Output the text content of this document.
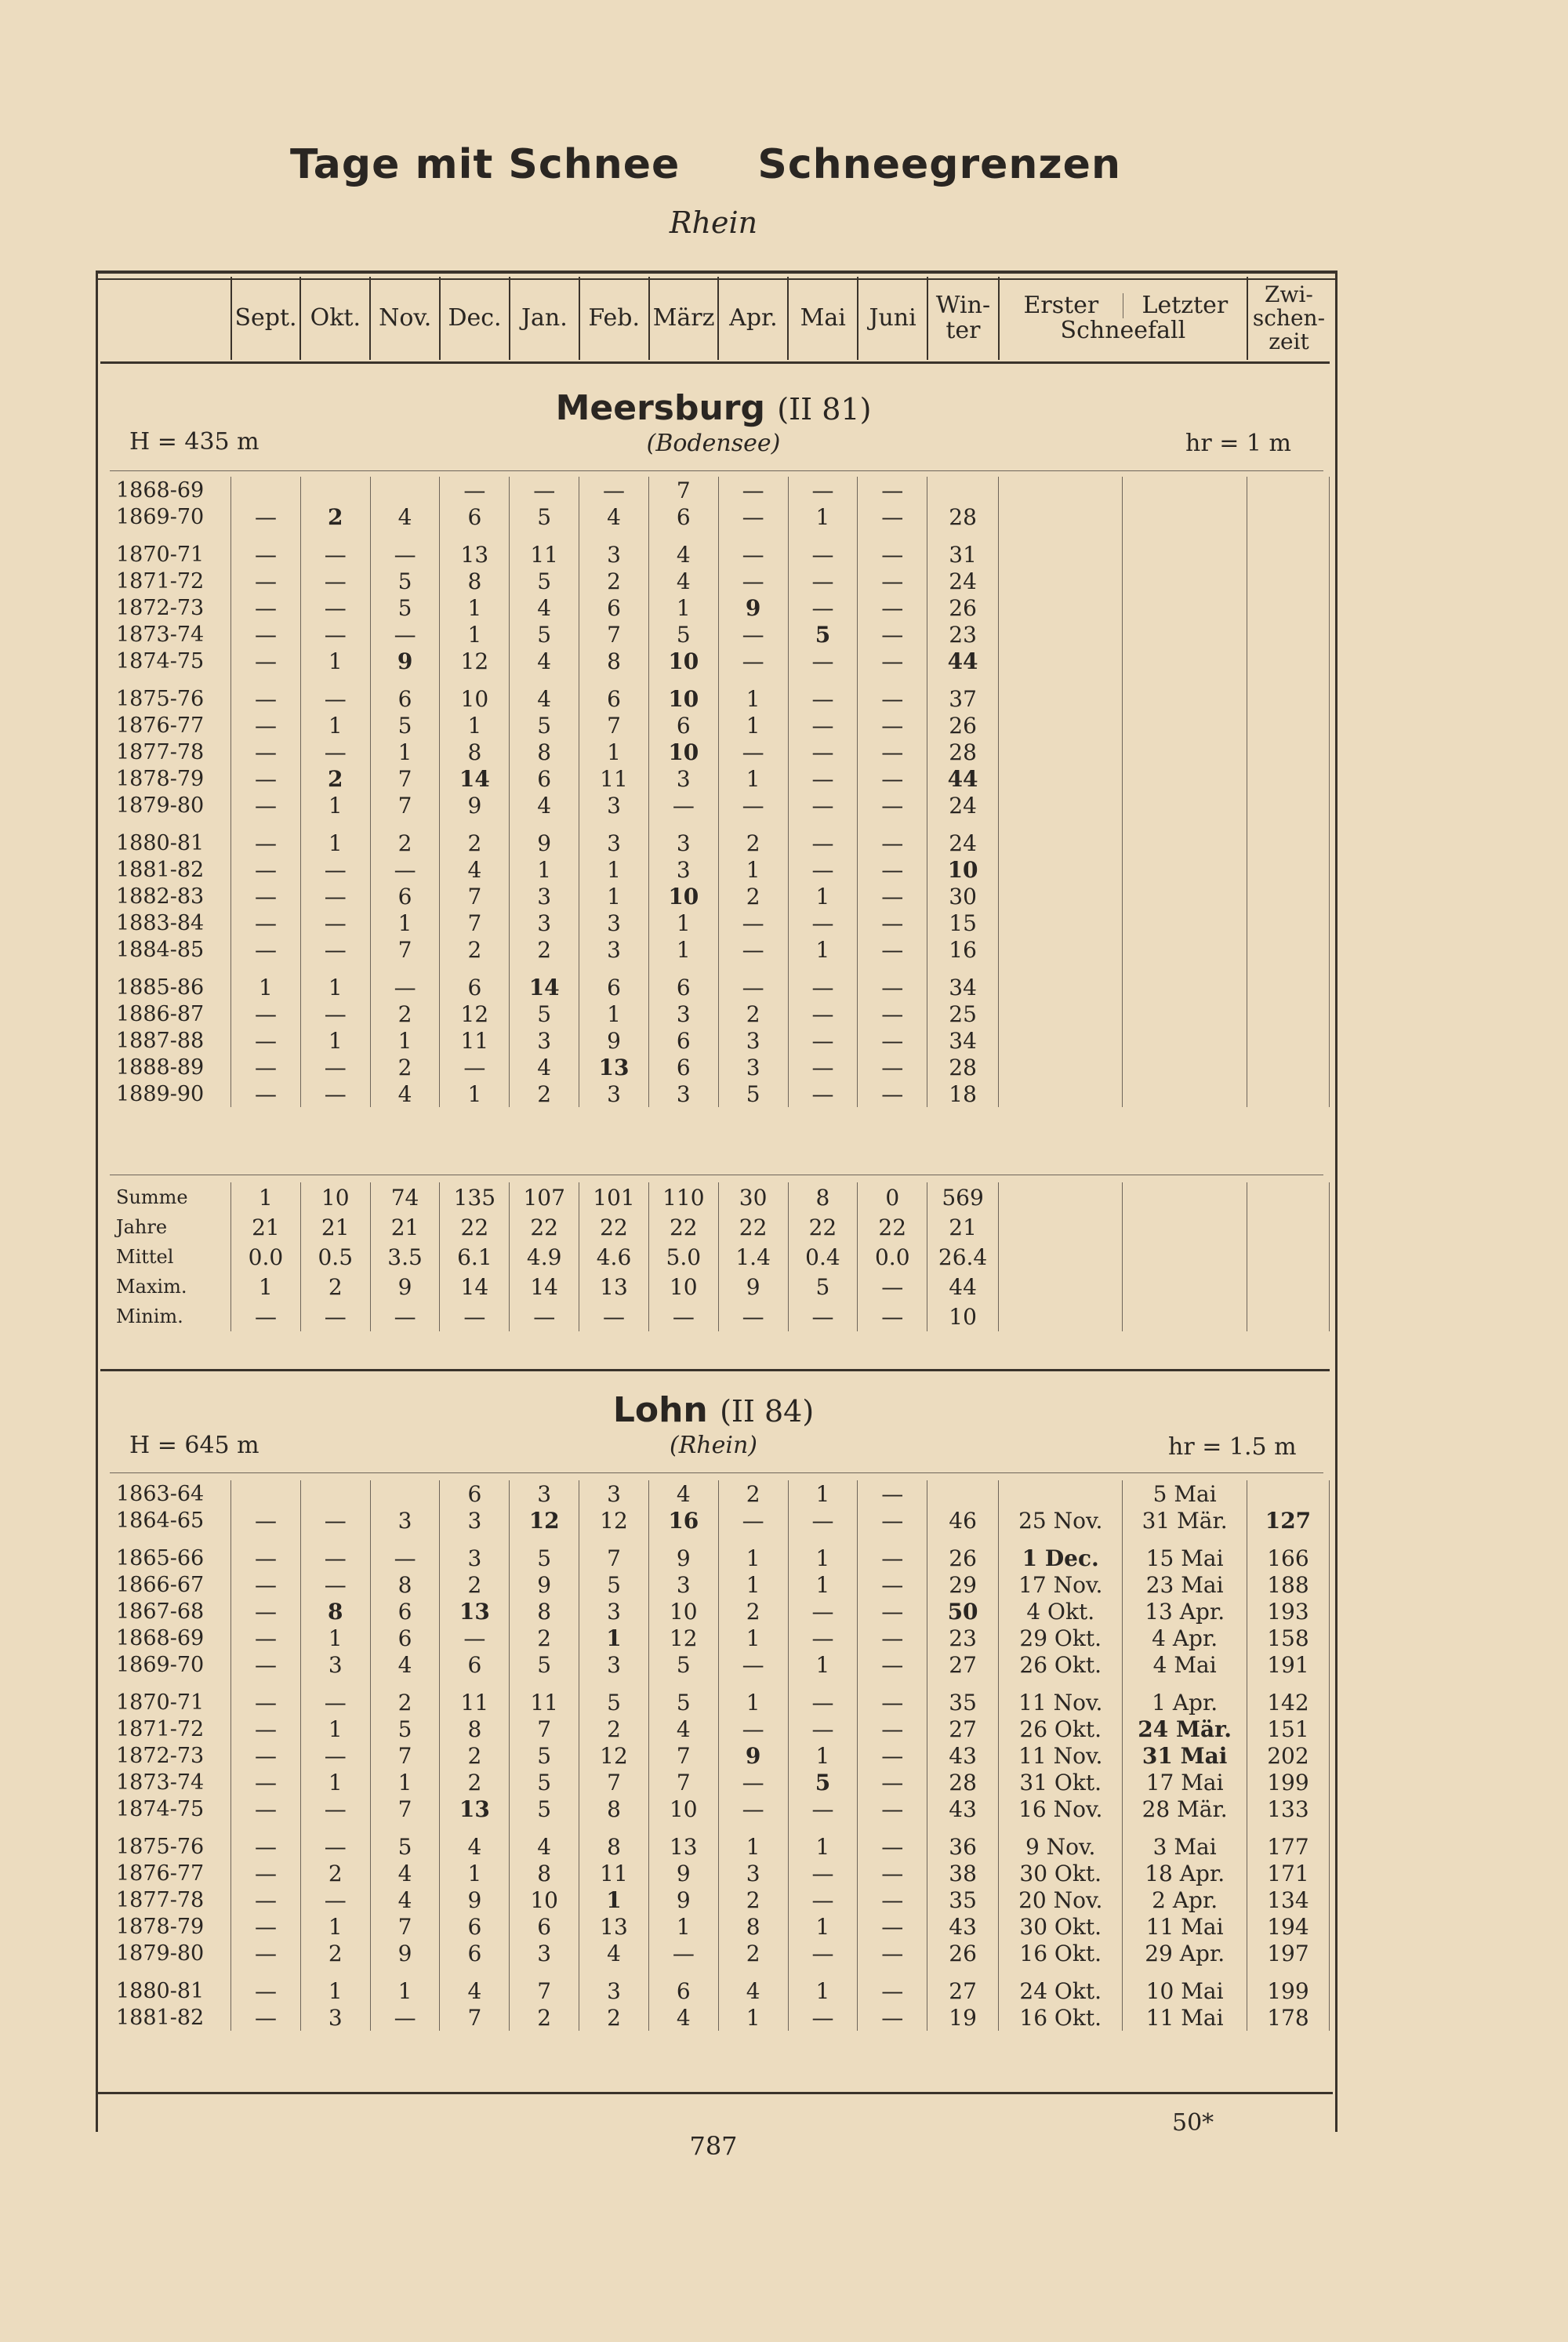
Tage mit Schnee Schneegrenzen
Rhein
	Sept.	Okt.	Nov.	Dec.	Jan.	Feb.	März	Apr.	Mai	Juni	Win- ter	
Erster	Letzter
Schneefall
	Zwi- schen- zeit
Meersburg (II 81)
(Bodensee)
H = 435 m	hr = 1 m
1868-69				—	—	—	7	—	—	—				
1869-70	—	2	4	6	5	4	6	—	1	—	28			

1870-71	—	—	—	13	11	3	4	—	—	—	31			
1871-72	—	—	5	8	5	2	4	—	—	—	24			
1872-73	—	—	5	1	4	6	1	9	—	—	26			
1873-74	—	—	—	1	5	7	5	—	5	—	23			
1874-75	—	1	9	12	4	8	10	—	—	—	44			

1875-76	—	—	6	10	4	6	10	1	—	—	37			
1876-77	—	1	5	1	5	7	6	1	—	—	26			
1877-78	—	—	1	8	8	1	10	—	—	—	28			
1878-79	—	2	7	14	6	11	3	1	—	—	44			
1879-80	—	1	7	9	4	3	—	—	—	—	24			

1880-81	—	1	2	2	9	3	3	2	—	—	24			
1881-82	—	—	—	4	1	1	3	1	—	—	10			
1882-83	—	—	6	7	3	1	10	2	1	—	30			
1883-84	—	—	1	7	3	3	1	—	—	—	15			
1884-85	—	—	7	2	2	3	1	—	1	—	16			

1885-86	1	1	—	6	14	6	6	—	—	—	34			
1886-87	—	—	2	12	5	1	3	2	—	—	25			
1887-88	—	1	1	11	3	9	6	3	—	—	34			
1888-89	—	—	2	—	4	13	6	3	—	—	28			
1889-90	—	—	4	1	2	3	3	5	—	—	18			
Summe	1	10	74	135	107	101	110	30	8	0	569			
Jahre	21	21	21	22	22	22	22	22	22	22	21			
Mittel	0.0	0.5	3.5	6.1	4.9	4.6	5.0	1.4	0.4	0.0	26.4			
Maxim.	1	2	9	14	14	13	10	9	5	—	44			
Minim.	—	—	—	—	—	—	—	—	—	—	10			
Lohn (II 84)
(Rhein)
H = 645 m	hr = 1.5 m
1863-64				6	3	3	4	2	1	—			5 Mai	
1864-65	—	—	3	3	12	12	16	—	—	—	46	25 Nov.	31 Mär.	127

1865-66	—	—	—	3	5	7	9	1	1	—	26	1 Dec.	15 Mai	166
1866-67	—	—	8	2	9	5	3	1	1	—	29	17 Nov.	23 Mai	188
1867-68	—	8	6	13	8	3	10	2	—	—	50	4 Okt.	13 Apr.	193
1868-69	—	1	6	—	2	1	12	1	—	—	23	29 Okt.	4 Apr.	158
1869-70	—	3	4	6	5	3	5	—	1	—	27	26 Okt.	4 Mai	191

1870-71	—	—	2	11	11	5	5	1	—	—	35	11 Nov.	1 Apr.	142
1871-72	—	1	5	8	7	2	4	—	—	—	27	26 Okt.	24 Mär.	151
1872-73	—	—	7	2	5	12	7	9	1	—	43	11 Nov.	31 Mai	202
1873-74	—	1	1	2	5	7	7	—	5	—	28	31 Okt.	17 Mai	199
1874-75	—	—	7	13	5	8	10	—	—	—	43	16 Nov.	28 Mär.	133

1875-76	—	—	5	4	4	8	13	1	1	—	36	9 Nov.	3 Mai	177
1876-77	—	2	4	1	8	11	9	3	—	—	38	30 Okt.	18 Apr.	171
1877-78	—	—	4	9	10	1	9	2	—	—	35	20 Nov.	2 Apr.	134
1878-79	—	1	7	6	6	13	1	8	1	—	43	30 Okt.	11 Mai	194
1879-80	—	2	9	6	3	4	—	2	—	—	26	16 Okt.	29 Apr.	197

1880-81	—	1	1	4	7	3	6	4	1	—	27	24 Okt.	10 Mai	199
1881-82	—	3	—	7	2	2	4	1	—	—	19	16 Okt.	11 Mai	178
50*
787
